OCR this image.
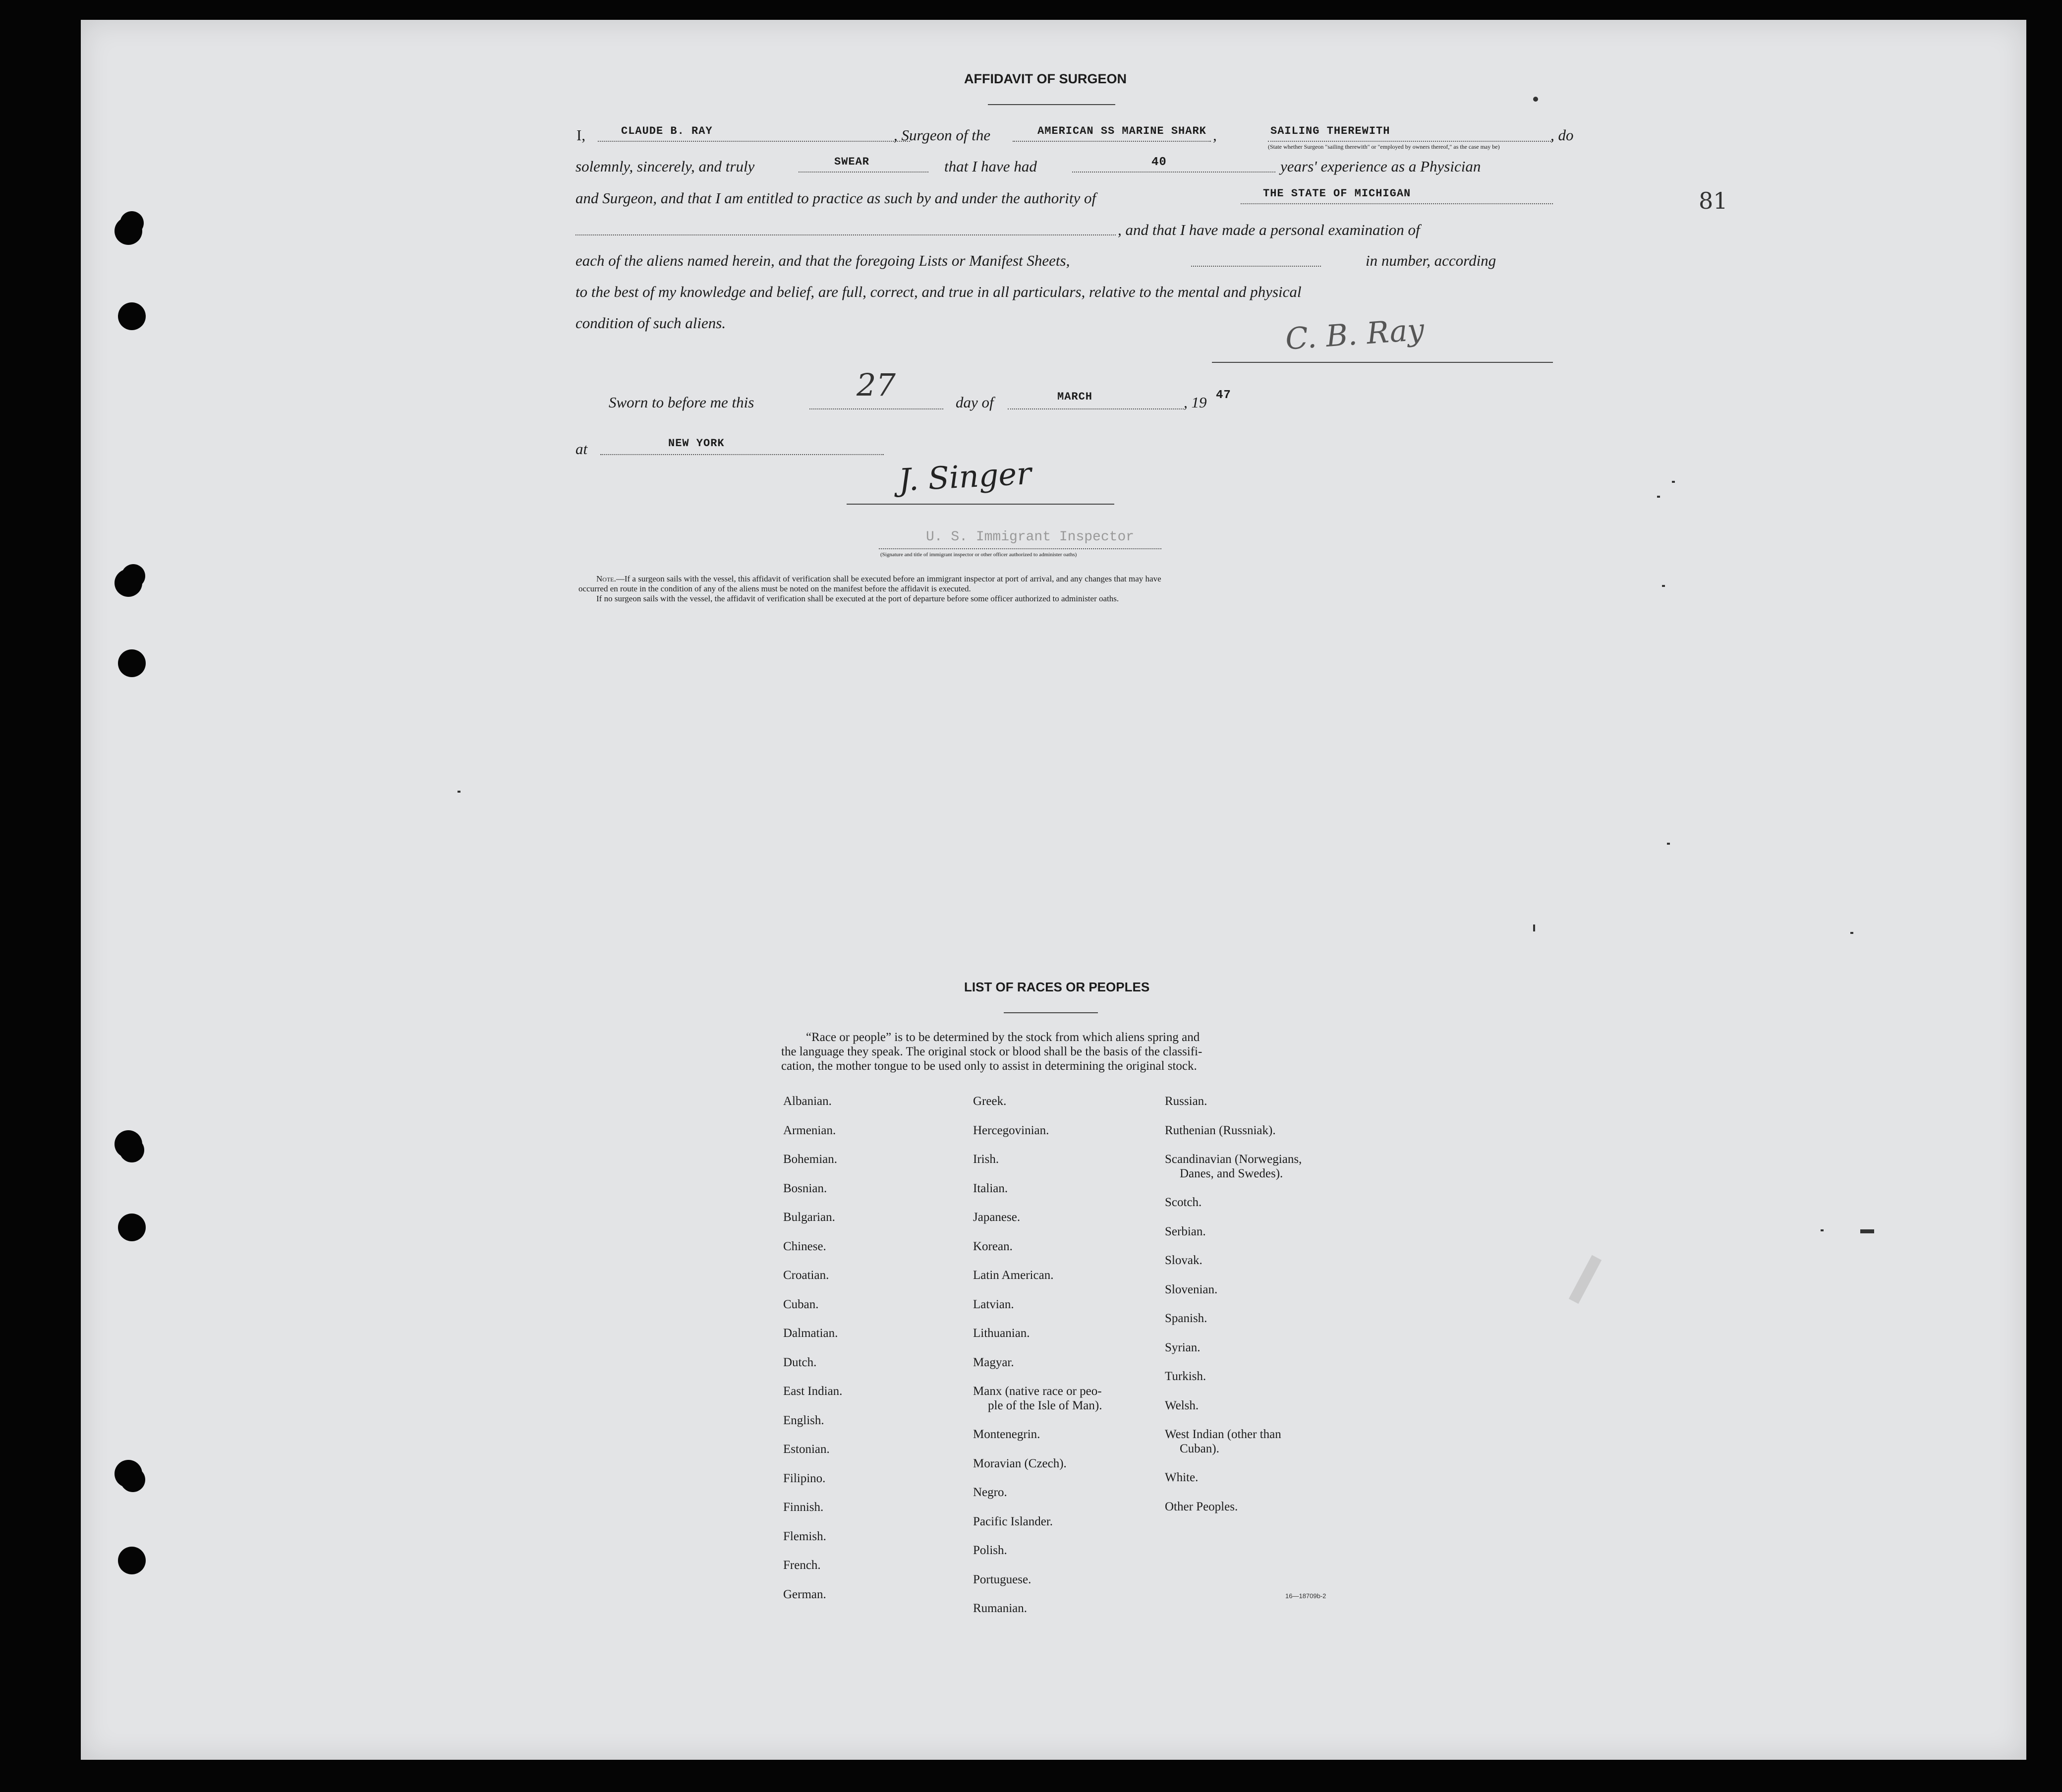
81
AFFIDAVIT OF SURGEON
I,	CLAUDE B. RAY	, Surgeon of the	AMERICAN SS MARINE SHARK ,	SAILING THEREWITH
(State whether Surgeon "sailing therewith" or "employed by owners thereof," as the case may be)
, do
solemnly, sincerely, and truly	SWEAR	that I have had	40	years' experience as a Physician
and Surgeon, and that I am entitled to practice as such by and under the authority of	THE STATE OF MICHIGAN
, and that I have made a personal examination of
each of the aliens named herein, and that the foregoing Lists or Manifest Sheets,	in number, according
to the best of my knowledge and belief, are full, correct, and true in all particulars, relative to the mental and physical
condition of such aliens.	C. B. Ray
Sworn to before me this	27	day of	MARCH	, 19 47
at	NEW YORK
J. Singer
U. S. Immigrant Inspector
(Signature and title of immigrant inspector or other officer authorized to administer oaths)
Note.—If a surgeon sails with the vessel, this affidavit of verification shall be executed before an immigrant inspector at port of arrival, and any changes that may have
occurred en route in the condition of any of the aliens must be noted on the manifest before the affidavit is executed.
If no surgeon sails with the vessel, the affidavit of verification shall be executed at the port of departure before some officer authorized to administer oaths.
LIST OF RACES OR PEOPLES
“Race or people” is to be determined by the stock from which aliens spring and
the language they speak. The original stock or blood shall be the basis of the classifi-
cation, the mother tongue to be used only to assist in determining the original stock.
Albanian.
Armenian.
Bohemian.
Bosnian.
Bulgarian.
Chinese.
Croatian.
Cuban.
Dalmatian.
Dutch.
East Indian.
English.
Estonian.
Filipino.
Finnish.
Flemish.
French.
German.
Greek.
Hercegovinian.
Irish.
Italian.
Japanese.
Korean.
Latin American.
Latvian.
Lithuanian.
Magyar.
Manx (native race or peo-
ple of the Isle of Man).
Montenegrin.
Moravian (Czech).
Negro.
Pacific Islander.
Polish.
Portuguese.
Rumanian.
Russian.
Ruthenian (Russniak).
Scandinavian (Norwegians,
Danes, and Swedes).
Scotch.
Serbian.
Slovak.
Slovenian.
Spanish.
Syrian.
Turkish.
Welsh.
West Indian (other than
Cuban).
White.
Other Peoples.
16—18709b-2
